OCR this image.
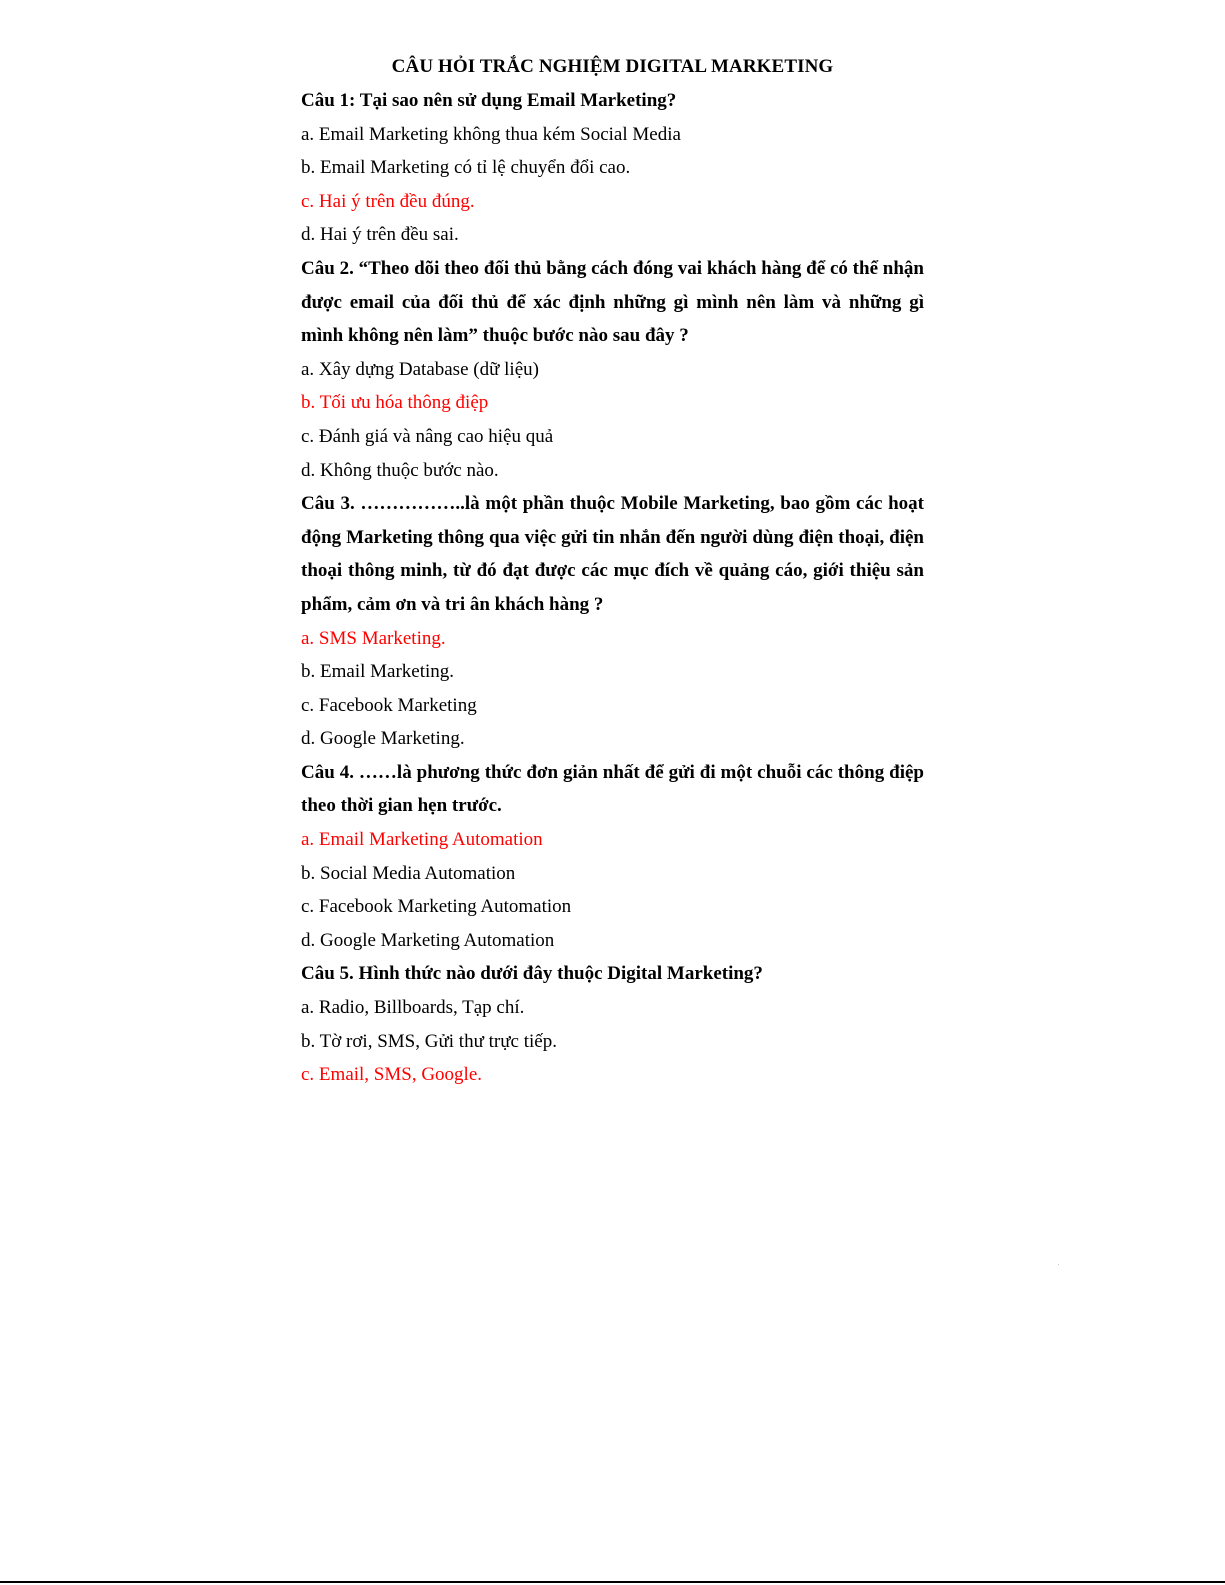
CÂU HỎI TRẮC NGHIỆM DIGITAL MARKETING

Câu 1: Tại sao nên sử dụng Email Marketing?

a. Email Marketing không thua kém Social Media

b. Email Marketing có tỉ lệ chuyển đổi cao.

c. Hai ý trên đều đúng.

d. Hai ý trên đều sai.

Câu 2. “Theo dõi theo đối thủ bằng cách đóng vai khách hàng để có thể nhận được email của đối thủ để xác định những gì mình nên làm và những gì mình không nên làm” thuộc bước nào sau đây ?

a. Xây dựng Database (dữ liệu)

b. Tối ưu hóa thông điệp

c. Đánh giá và nâng cao hiệu quả

d. Không thuộc bước nào.

Câu 3. ……………..là một phần thuộc Mobile Marketing, bao gồm các hoạt động Marketing thông qua việc gửi tin nhắn đến người dùng điện thoại, điện thoại thông minh, từ đó đạt được các mục đích về quảng cáo, giới thiệu sản phẩm, cảm ơn và tri ân khách hàng ?

a. SMS Marketing.

b. Email Marketing.

c. Facebook Marketing

d. Google Marketing.

Câu 4. ……là phương thức đơn giản nhất để gửi đi một chuỗi các thông điệp theo thời gian hẹn trước.

a. Email Marketing Automation

b. Social Media Automation

c. Facebook Marketing Automation

d. Google Marketing Automation

Câu 5. Hình thức nào dưới đây thuộc Digital Marketing?

a. Radio, Billboards, Tạp chí.

b. Tờ rơi, SMS, Gửi thư trực tiếp.

c. Email, SMS, Google.
